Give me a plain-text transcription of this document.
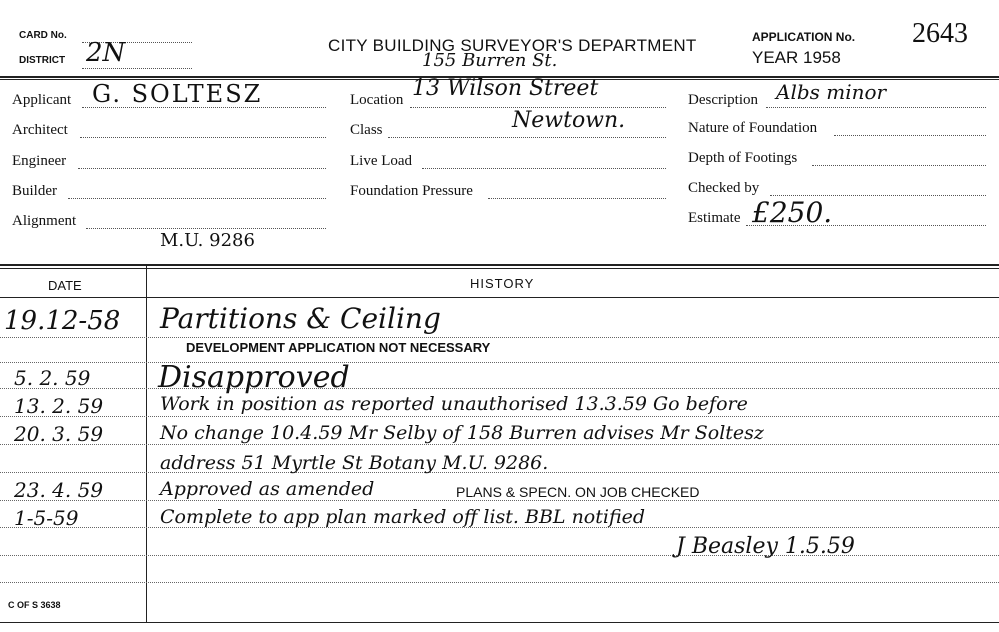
CARD No.
DISTRICT 2N	CITY BUILDING SURVEYOR'S DEPARTMENT
155 Burren St.
APPLICATION No. 2643
YEAR 1958
Applicant G. SOLTESZ
Architect
Engineer
Builder
Alignment
M.U. 9286
Location 13 Wilson Street
Newtown.
Class
Live Load
Foundation Pressure
Description Albs minor
Nature of Foundation
Depth of Footings
Checked by
Estimate £250.
DATE	HISTORY
19.12-58 Partitions & Ceiling
DEVELOPMENT APPLICATION NOT NECESSARY
5. 2. 59 Disapproved
13. 2. 59	Work in position as reported unauthorised 13.3.59 Go before
20. 3. 59	No change 10.4.59 Mr Selby of 158 Burren advises Mr Soltesz
address 51 Myrtle St Botany M.U. 9286.
23. 4. 59	Approved as amended	PLANS & SPECN. ON JOB CHECKED
1-5-59	Complete to app plan marked off list. BBL notified
J Beasley 1.5.59
C OF S 3638
